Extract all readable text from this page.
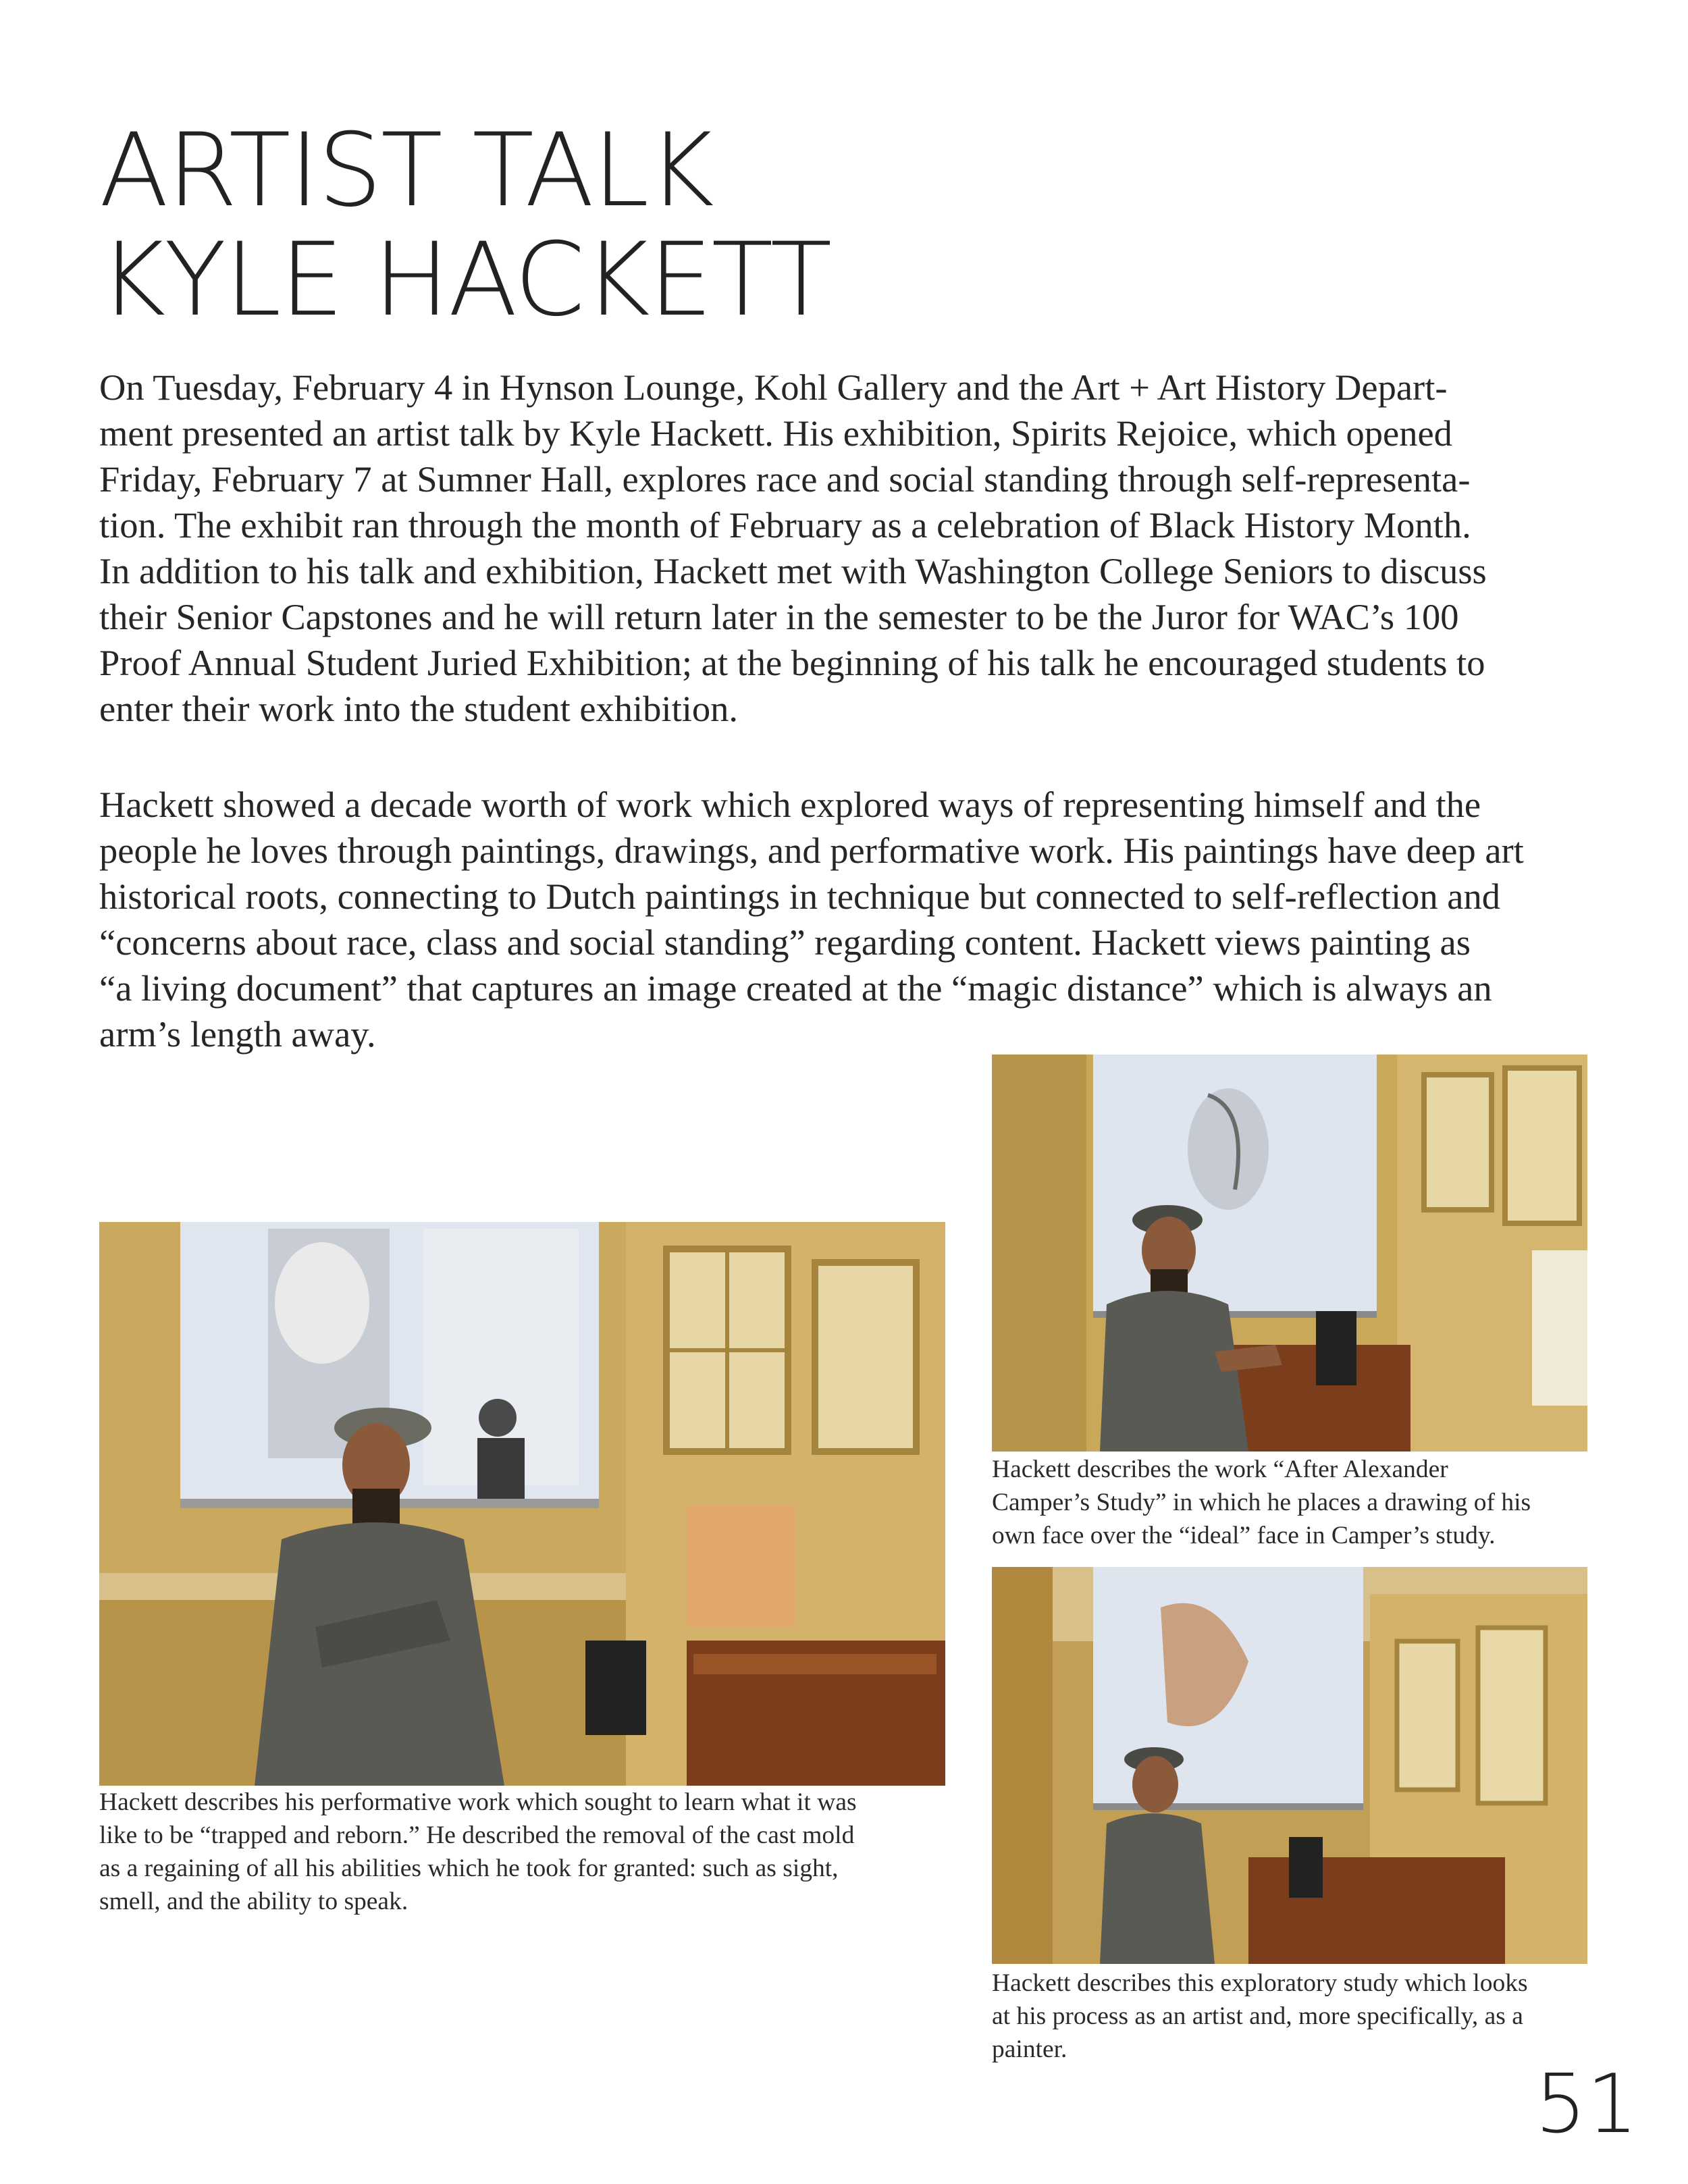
ARTIST TALK
KYLE HACKETT

On Tuesday, February 4 in Hynson Lounge, Kohl Gallery and the Art + Art History Depart-
ment presented an artist talk by Kyle Hackett. His exhibition, Spirits Rejoice, which opened
Friday, February 7 at Sumner Hall, explores race and social standing through self-representa-
tion. The exhibit ran through the month of February as a celebration of Black History Month.
In addition to his talk and exhibition, Hackett met with Washington College Seniors to discuss
their Senior Capstones and he will return later in the semester to be the Juror for WAC’s 100
Proof Annual Student Juried Exhibition; at the beginning of his talk he encouraged students to
enter their work into the student exhibition.

Hackett showed a decade worth of work which explored ways of representing himself and the
people he loves through paintings, drawings, and performative work. His paintings have deep art
historical roots, connecting to Dutch paintings in technique but connected to self-reflection and
“concerns about race, class and social standing” regarding content. Hackett views painting as
“a living document” that captures an image created at the “magic distance” which is always an
arm’s length away.

Hackett describes his performative work which sought to learn what it was
like to be “trapped and reborn.” He described the removal of the cast mold
as a regaining of all his abilities which he took for granted: such as sight,
smell, and the ability to speak.

Hackett describes the work “After Alexander
Camper’s Study” in which he places a drawing of his
own face over the “ideal” face in Camper’s study.

Hackett describes this exploratory study which looks
at his process as an artist and, more specifically, as a
painter.

51
